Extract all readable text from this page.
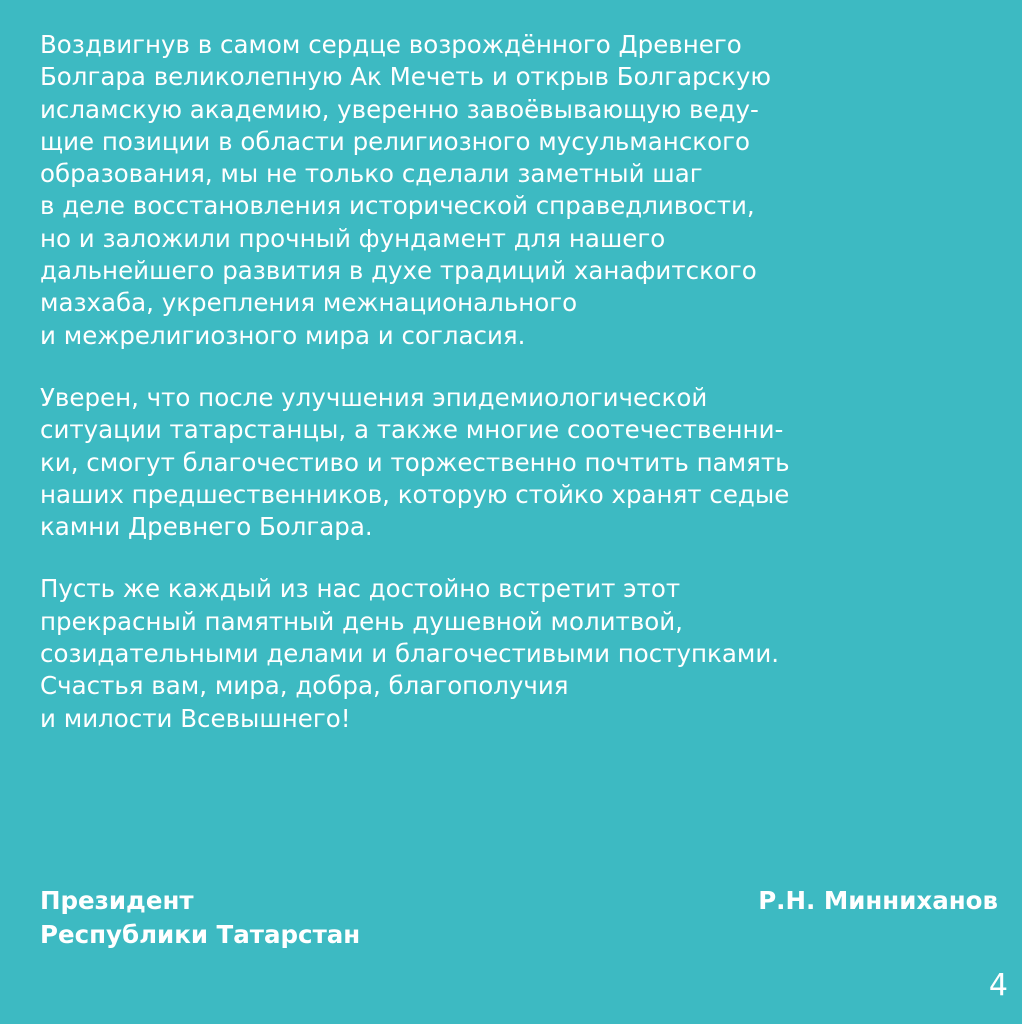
Воздвигнув в самом сердце возрождённого Древнего
Болгара великолепную Ак Мечеть и открыв Болгарскую
исламскую академию, уверенно завоёвывающую веду-
щие позиции в области религиозного мусульманского
образования, мы не только сделали заметный шаг
в деле восстановления исторической справедливости,
но и заложили прочный фундамент для нашего
дальнейшего развития в духе традиций ханафитского
мазхаба, укрепления межнационального
и межрелигиозного мира и согласия.

Уверен, что после улучшения эпидемиологической
ситуации татарстанцы, а также многие соотечественни-
ки, смогут благочестиво и торжественно почтить память
наших предшественников, которую стойко хранят седые
камни Древнего Болгара.

Пусть же каждый из нас достойно встретит этот
прекрасный памятный день душевной молитвой,
созидательными делами и благочестивыми поступками.
Счастья вам, мира, добра, благополучия
и милости Всевышнего!

Президент
Республики Татарстан
Р.Н. Минниханов
4
